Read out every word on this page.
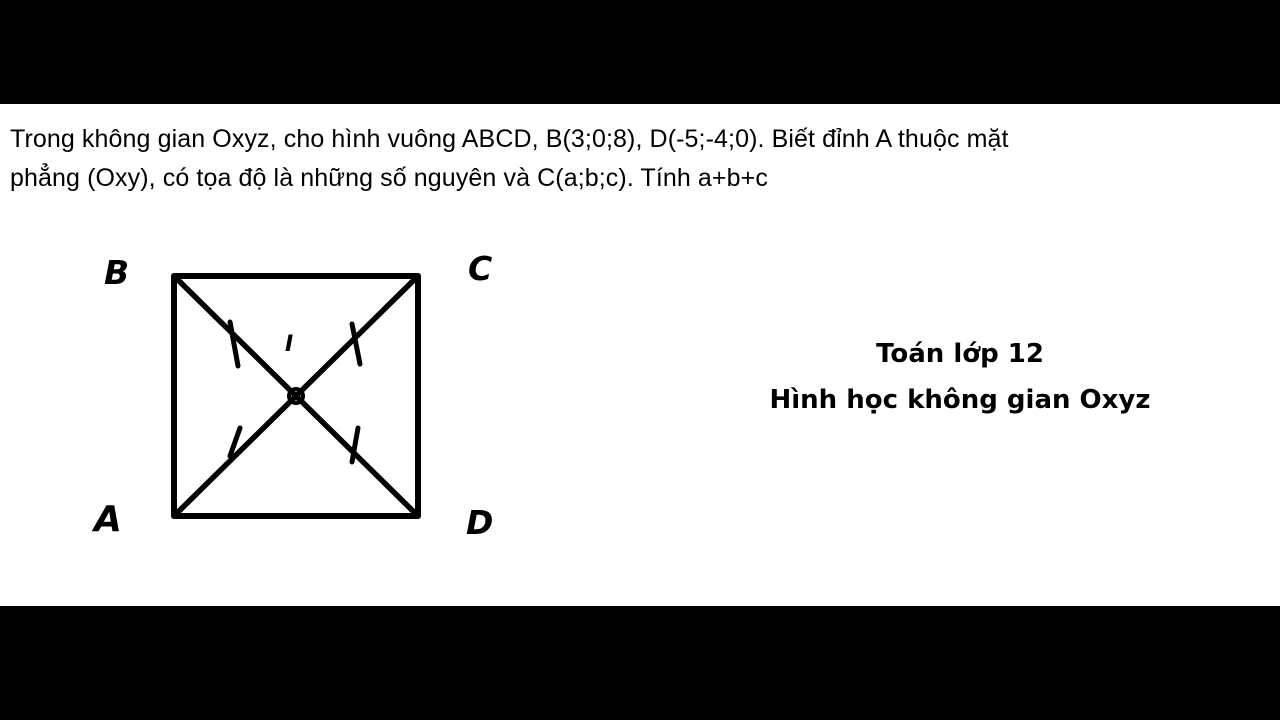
Trong không gian Oxyz, cho hình vuông ABCD, B(3;0;8), D(-5;-4;0). Biết đỉnh A thuộc mặt
phẳng (Oxy), có tọa độ là những số nguyên và C(a;b;c). Tính a+b+c
B	C
A	D
I	Toán lớp 12
Hình học không gian Oxyz
